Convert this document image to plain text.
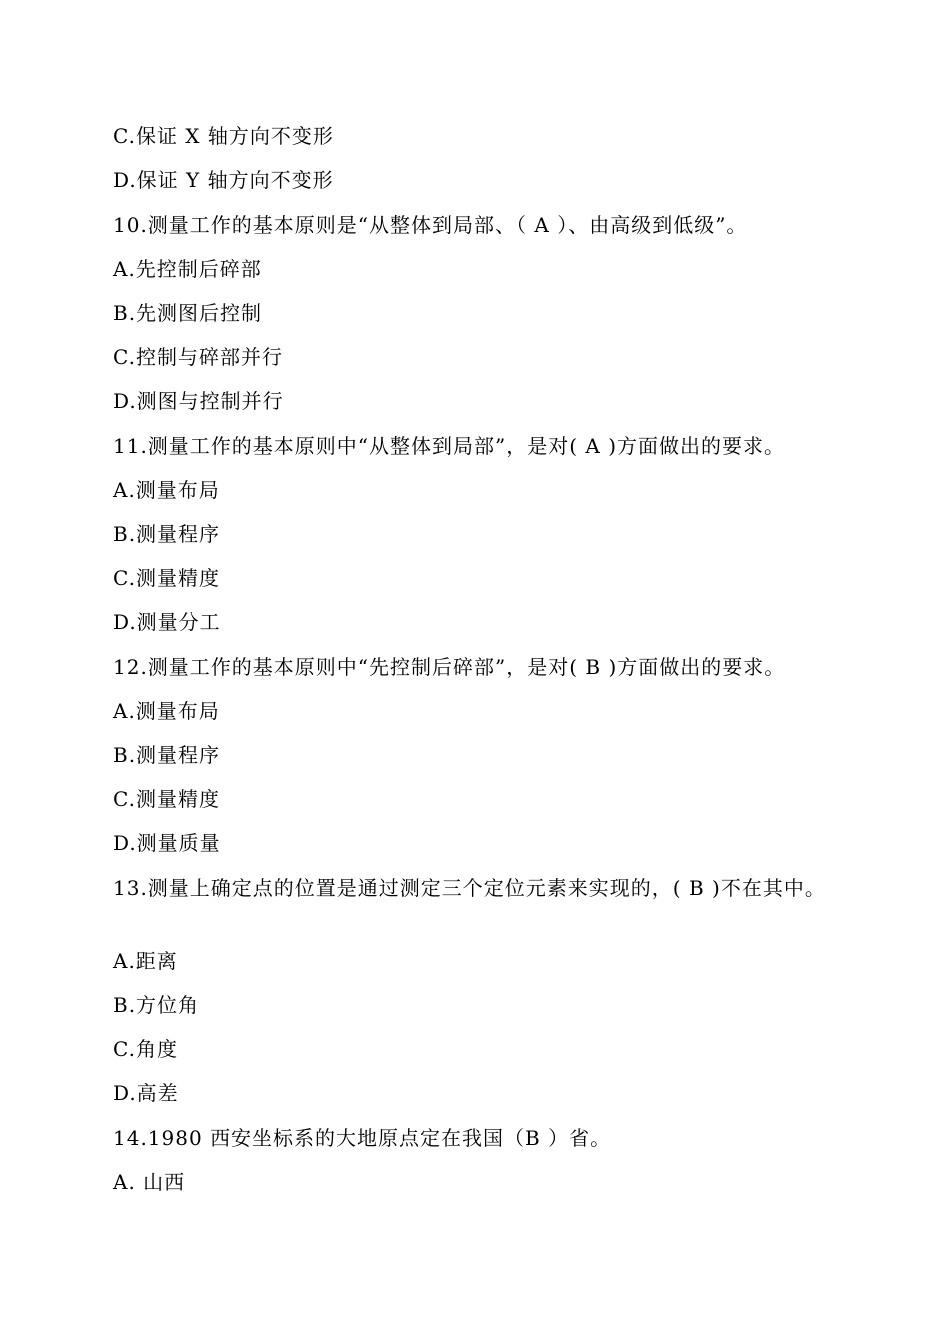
C.保证 X 轴方向不变形
D.保证 Y 轴方向不变形
10.测量工作的基本原则是“从整体到局部、（ A ）、由高级到低级”。
A.先控制后碎部
B.先测图后控制
C.控制与碎部并行
D.测图与控制并行
11.测量工作的基本原则中“从整体到局部”，是对( A )方面做出的要求。
A.测量布局
B.测量程序
C.测量精度
D.测量分工
12.测量工作的基本原则中“先控制后碎部”，是对( B )方面做出的要求。
A.测量布局
B.测量程序
C.测量精度
D.测量质量
13.测量上确定点的位置是通过测定三个定位元素来实现的，( B )不在其中。
A.距离
B.方位角
C.角度
D.高差
14.1980 西安坐标系的大地原点定在我国（B ）省。
A. 山西
